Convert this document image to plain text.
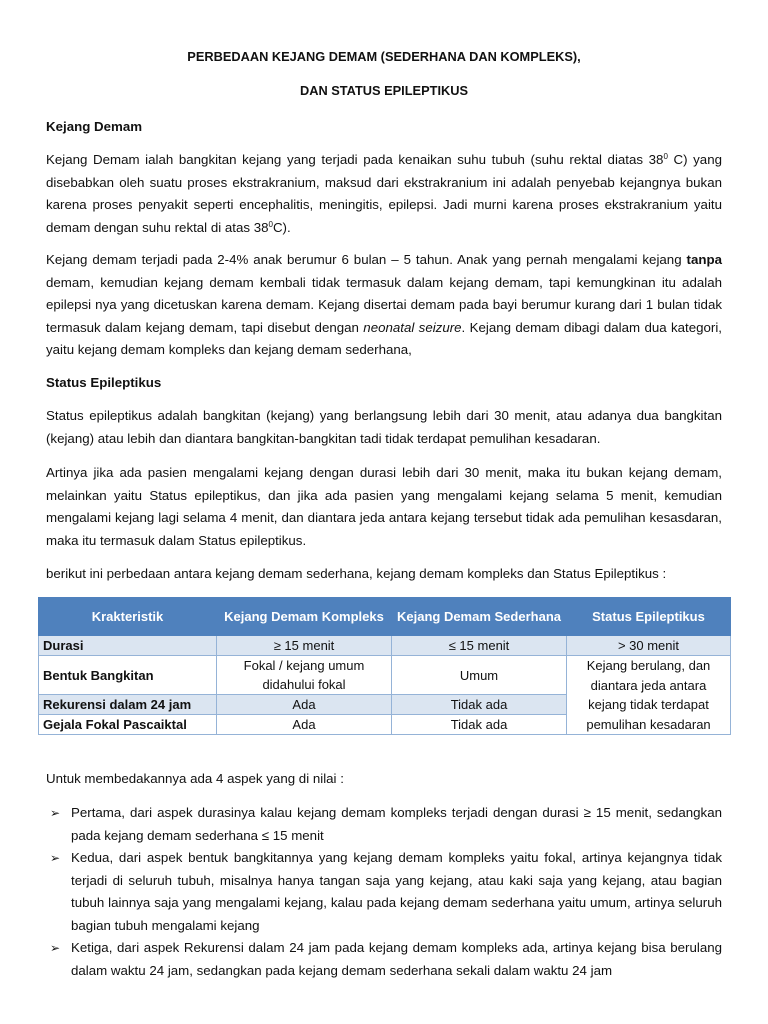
PERBEDAAN KEJANG DEMAM (SEDERHANA DAN KOMPLEKS),

DAN STATUS EPILEPTIKUS

Kejang Demam

Kejang Demam ialah bangkitan kejang yang terjadi pada kenaikan suhu tubuh (suhu rektal diatas $38^0$ C) yang disebabkan oleh suatu proses ekstrakranium, maksud dari ekstrakranium ini adalah penyebab kejangnya bukan karena proses penyakit seperti encephalitis, meningitis, epilepsi. Jadi murni karena proses ekstrakranium yaitu demam dengan suhu rektal di atas $38^0C$).

Kejang demam terjadi pada 2-4% anak berumur 6 bulan – 5 tahun. Anak yang pernah mengalami kejang tanpa demam, kemudian kejang demam kembali tidak termasuk dalam kejang demam, tapi kemungkinan itu adalah epilepsi nya yang dicetuskan karena demam. Kejang disertai demam pada bayi berumur kurang dari 1 bulan tidak termasuk dalam kejang demam, tapi disebut dengan neonatal seizure. Kejang demam dibagi dalam dua kategori, yaitu kejang demam kompleks dan kejang demam sederhana,

Status Epileptikus

Status epileptikus adalah bangkitan (kejang) yang berlangsung lebih dari 30 menit, atau adanya dua bangkitan (kejang) atau lebih dan diantara bangkitan-bangkitan tadi tidak terdapat pemulihan kesadaran.

Artinya jika ada pasien mengalami kejang dengan durasi lebih dari 30 menit, maka itu bukan kejang demam, melainkan yaitu Status epileptikus, dan jika ada pasien yang mengalami kejang selama 5 menit, kemudian mengalami kejang lagi selama 4 menit, dan diantara jeda antara kejang tersebut tidak ada pemulihan kesasdaran, maka itu termasuk dalam Status epileptikus.

berikut ini perbedaan antara kejang demam sederhana, kejang demam kompleks dan Status Epileptikus :

Krakteristik	Kejang Demam Kompleks	Kejang Demam Sederhana	Status Epileptikus
Durasi	≥ 15 menit	≤ 15 menit	> 30 menit
Bentuk Bangkitan	Fokal / kejang umum didahului fokal	Umum	Kejang berulang, dan diantara jeda antara kejang tidak terdapat pemulihan kesadaran
Rekurensi dalam 24 jam	Ada	Tidak ada	
Gejala Fokal Pascaiktal	Ada	Tidak ada	

Untuk membedakannya ada 4 aspek yang di nilai :

➢ Pertama, dari aspek durasinya kalau kejang demam kompleks terjadi dengan durasi ≥ 15 menit, sedangkan pada kejang demam sederhana ≤ 15 menit
➢ Kedua, dari aspek bentuk bangkitannya yang kejang demam kompleks yaitu fokal, artinya kejangnya tidak terjadi di seluruh tubuh, misalnya hanya tangan saja yang kejang, atau kaki saja yang kejang, atau bagian tubuh lainnya saja yang mengalami kejang, kalau pada kejang demam sederhana yaitu umum, artinya seluruh bagian tubuh mengalami kejang
➢ Ketiga, dari aspek Rekurensi dalam 24 jam pada kejang demam kompleks ada, artinya kejang bisa berulang dalam waktu 24 jam, sedangkan pada kejang demam sederhana sekali dalam waktu 24 jam
